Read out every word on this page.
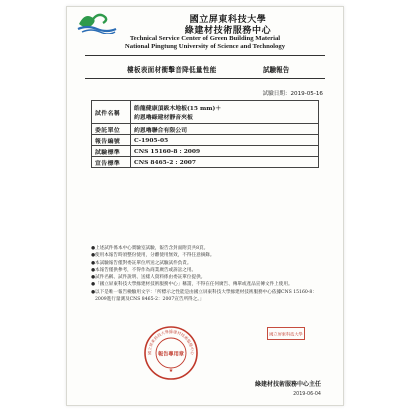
國立屏東科技大學
綠建材技術服務中心
Technical Service Center of Green Building Material
National Pingtung University of Science and Technology
樓板表面材衝擊音降低量性能	試驗報告
試驗日期：2019-05-16
試件名稱	皓龍健康頂級木地板(15 mm)＋
約恩嚕綠建材靜音夾板

委託單位	約恩嚕聯合有限公司
報告編號	C-1905-05
試驗標準	CNS 15160-8 : 2009
宣告標準	CNS 8465-2 : 2007
●上述試件係本中心實驗室試驗，報告含封面附頁共8頁。
●使用本報告時須整份使用，分離使用無效，不得任意摘錄。
●本試驗報告僅對委託單位所送之試驗試件負責。
●本報告僅供參考，不得作為商業廣告或訴訟之用。
●試件名稱、試件說明、送樣人資料係由委託單位提供。
●「國立屏東科技大學綠建材技術服務中心」稱謂，不得在任何廣告、傳單或產品宣傳文件上使用。
●以下是唯一報告檢驗用文字：「所標示之性能是由國立屏東科技大學綠建材技術服務中心依據CNS 15160-8：2009進行量測及CNS 8465-2：2007宣告所得之。」
國立屏東科技大學綠建材技術服務中心
報告專用章
★
國立屏東科技大學
綠建材技術服務中心主任
2019-06-04
